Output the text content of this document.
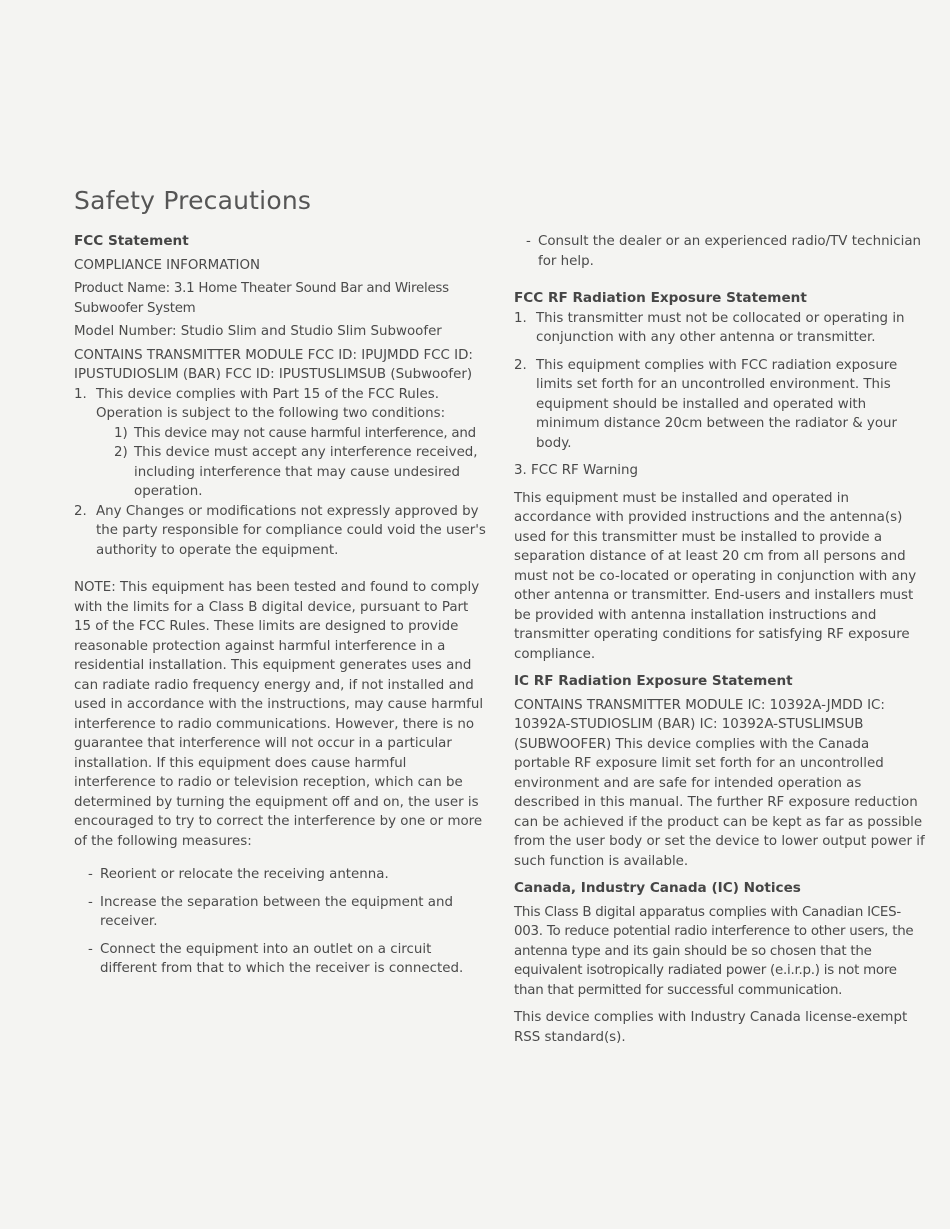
Safety Precautions

FCC Statement

COMPLIANCE INFORMATION

Product Name: 3.1 Home Theater Sound Bar and Wireless Subwoofer System

Model Number: Studio Slim and Studio Slim Subwoofer

CONTAINS TRANSMITTER MODULE FCC ID: IPUJMDD FCC ID: IPUSTUDIOSLIM (BAR) FCC ID: IPUSTUSLIMSUB (Subwoofer)

1. This device complies with Part 15 of the FCC Rules. Operation is subject to the following two conditions:

1) This device may not cause harmful interference, and
2) This device must accept any interference received, including interference that may cause undesired operation.
2. Any Changes or modifications not expressly approved by the party responsible for compliance could void the user's authority to operate the equipment.

NOTE: This equipment has been tested and found to comply with the limits for a Class B digital device, pursuant to Part 15 of the FCC Rules. These limits are designed to provide reasonable protection against harmful interference in a residential installation. This equipment generates uses and can radiate radio frequency energy and, if not installed and used in accordance with the instructions, may cause harmful interference to radio communications. However, there is no guarantee that interference will not occur in a particular installation. If this equipment does cause harmful interference to radio or television reception, which can be determined by turning the equipment off and on, the user is encouraged to try to correct the interference by one or more of the following measures:

- Reorient or relocate the receiving antenna.
- Increase the separation between the equipment and receiver.
- Connect the equipment into an outlet on a circuit different from that to which the receiver is connected.
- Consult the dealer or an experienced radio/TV technician for help.

FCC RF Radiation Exposure Statement

1. This transmitter must not be collocated or operating in conjunction with any other antenna or transmitter.
2. This equipment complies with FCC radiation exposure limits set forth for an uncontrolled environment. This equipment should be installed and operated with minimum distance 20cm between the radiator & your body.

3. FCC RF Warning

This equipment must be installed and operated in accordance with provided instructions and the antenna(s) used for this transmitter must be installed to provide a separation distance of at least 20 cm from all persons and must not be co-located or operating in conjunction with any other antenna or transmitter. End-users and installers must be provided with antenna installation instructions and transmitter operating conditions for satisfying RF exposure compliance.

IC RF Radiation Exposure Statement

CONTAINS TRANSMITTER MODULE IC: 10392A-JMDD IC: 10392A-STUDIOSLIM (BAR) IC: 10392A-STUSLIMSUB (SUBWOOFER) This device complies with the Canada portable RF exposure limit set forth for an uncontrolled environment and are safe for intended operation as described in this manual. The further RF exposure reduction can be achieved if the product can be kept as far as possible from the user body or set the device to lower output power if such function is available.

Canada, Industry Canada (IC) Notices

This Class B digital apparatus complies with Canadian ICES-003. To reduce potential radio interference to other users, the antenna type and its gain should be so chosen that the equivalent isotropically radiated power (e.i.r.p.) is not more than that permitted for successful communication.

This device complies with Industry Canada license-exempt RSS standard(s).
